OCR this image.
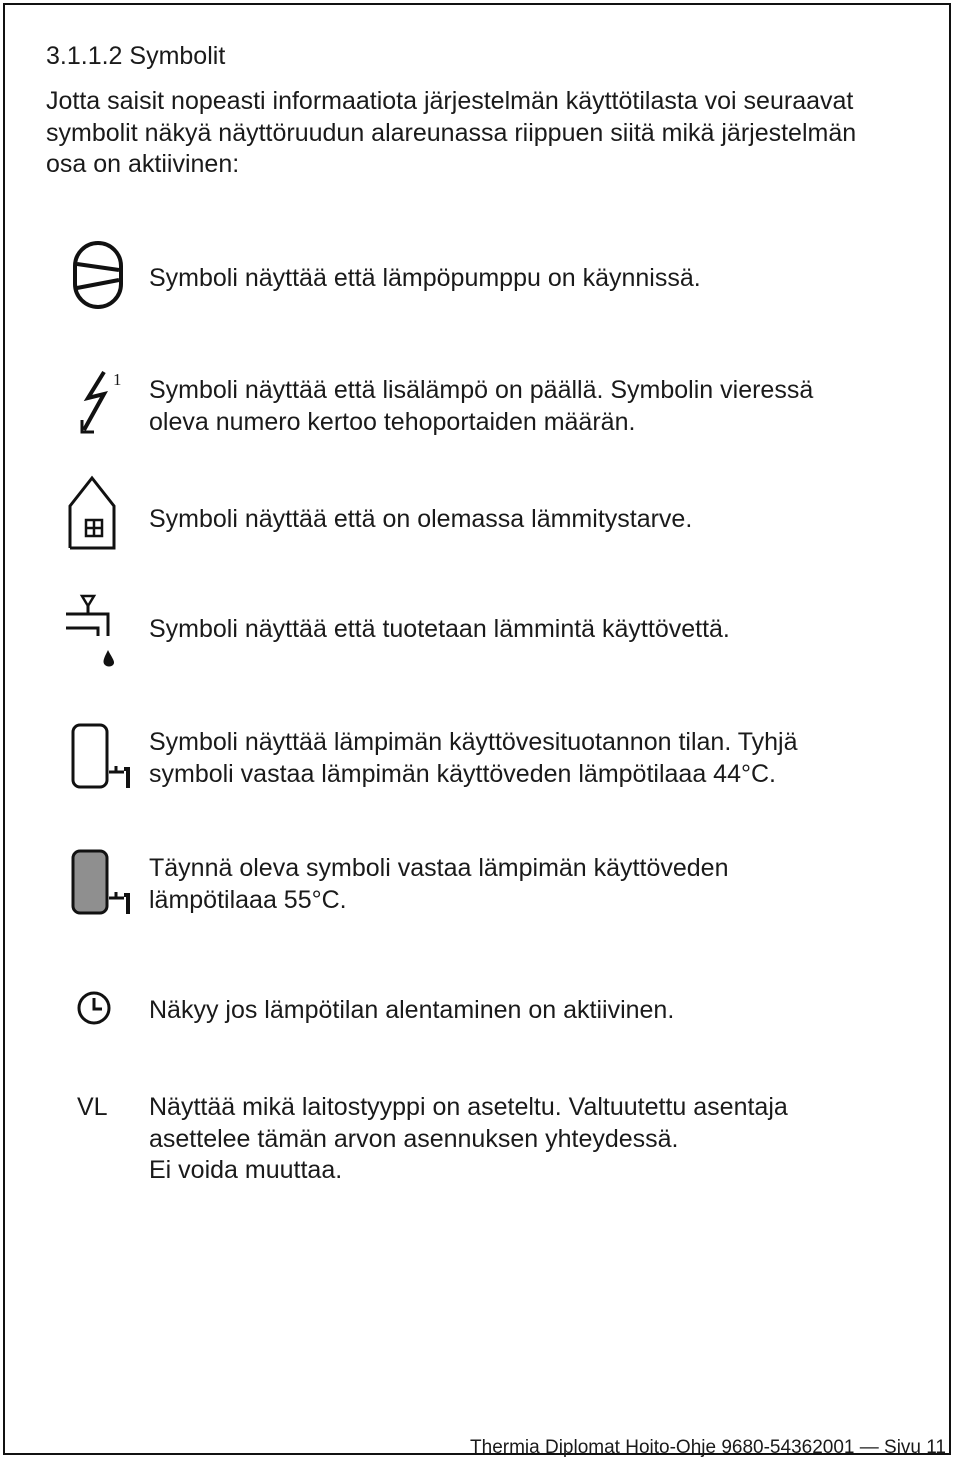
3.1.1.2 Symbolit

Jotta saisit nopeasti informaatiota järjestelmän käyttötilasta voi seuraavat

symbolit näkyä näyttöruudun alareunassa riippuen siitä mikä järjestelmän

osa on aktiivinen:

Symboli näyttää että lämpöpumppu on käynnissä.
1 Symboli näyttää että lisälämpö on päällä. Symbolin vieressä
oleva numero kertoo tehoportaiden määrän.
Symboli näyttää että on olemassa lämmitystarve.
Symboli näyttää että tuotetaan lämmintä käyttövettä.
Symboli näyttää lämpimän käyttövesituotannon tilan. Tyhjä
symboli vastaa lämpimän käyttöveden lämpötilaaa 44°C.
Täynnä oleva symboli vastaa lämpimän käyttöveden
lämpötilaaa 55°C.
Näkyy jos lämpötilan alentaminen on aktiivinen.
VL Näyttää mikä laitostyyppi on aseteltu. Valtuutettu asentaja
asettelee tämän arvon asennuksen yhteydessä.
Ei voida muuttaa.
Thermia Diplomat Hoito-Ohje 9680-54362001 — Sivu 11
